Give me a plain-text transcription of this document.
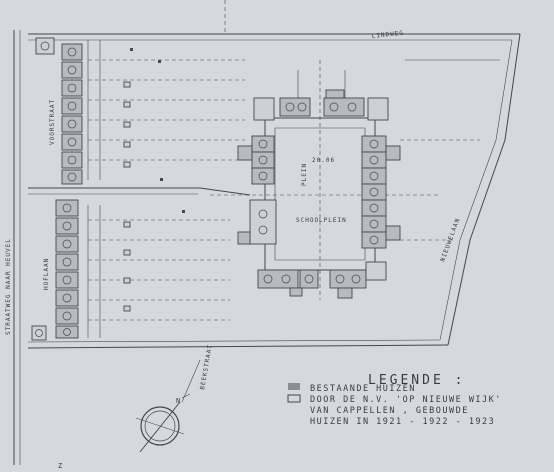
N
Z
LINDWEG
20.06
SCHOOLPLEIN
PLEIN
STRAATWEG NAAR HEUVEL
VOORSTRAAT
HOFLAAN
BEEKSTRAAT
NIEUWELAAN
LEGENDE :
BESTAANDE HUIZEN
DOOR DE N.V. 'OP NIEUWE WIJK'
VAN CAPPELLEN , GEBOUWDE
HUIZEN IN 1921 - 1922 - 1923
